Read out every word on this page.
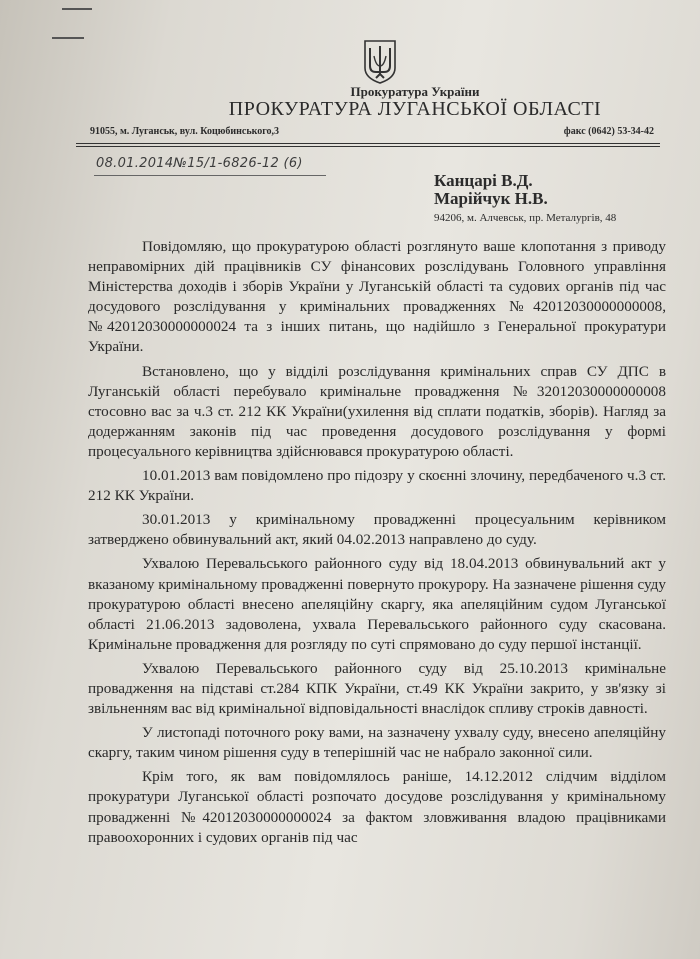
Прокуратура України
ПРОКУРАТУРА ЛУГАНСЬКОЇ ОБЛАСТІ
91055, м. Луганськ, вул. Коцюбинського,3	факс (0642) 53-34-42
08.01.2014№15/1-6826-12 (6)
Канцарі В.Д.
Марійчук Н.В.
94206, м. Алчевськ, пр. Металургів, 48

Повідомляю, що прокуратурою області розглянуто ваше клопотання з приводу неправомірних дій працівників СУ фінансових розслідувань Головного управління Міністерства доходів і зборів України у Луганській області та судових органів під час досудового розслідування у кримінальних провадженнях №42012030000000008, №42012030000000024 та з інших питань, що надійшло з Генеральної прокуратури України.

Встановлено, що у відділі розслідування кримінальних справ СУ ДПС в Луганській області перебувало кримінальне провадження №32012030000000008 стосовно вас за ч.3 ст. 212 КК України(ухилення від сплати податків, зборів). Нагляд за додержанням законів під час проведення досудового розслідування у формі процесуального керівництва здійснювався прокуратурою області.

10.01.2013 вам повідомлено про підозру у скоєнні злочину, передбаченого ч.3 ст. 212 КК України.

30.01.2013 у кримінальному провадженні процесуальним керівником затверджено обвинувальний акт, який 04.02.2013 направлено до суду.

Ухвалою Перевальського районного суду від 18.04.2013 обвинувальний акт у вказаному кримінальному провадженні повернуто прокурору. На зазначене рішення суду прокуратурою області внесено апеляційну скаргу, яка апеляційним судом Луганської області 21.06.2013 задоволена, ухвала Перевальського районного суду скасована. Кримінальне провадження для розгляду по суті спрямовано до суду першої інстанції.

Ухвалою Перевальського районного суду від 25.10.2013 кримінальне провадження на підставі ст.284 КПК України, ст.49 КК України закрито, у зв'язку зі звільненням вас від кримінальної відповідальності внаслідок спливу строків давності.

У листопаді поточного року вами, на зазначену ухвалу суду, внесено апеляційну скаргу, таким чином рішення суду в теперішній час не набрало законної сили.

Крім того, як вам повідомлялось раніше, 14.12.2012 слідчим відділом прокуратури Луганської області розпочато досудове розслідування у кримінальному провадженні №42012030000000024 за фактом зловживання владою працівниками правоохоронних і судових органів під час
